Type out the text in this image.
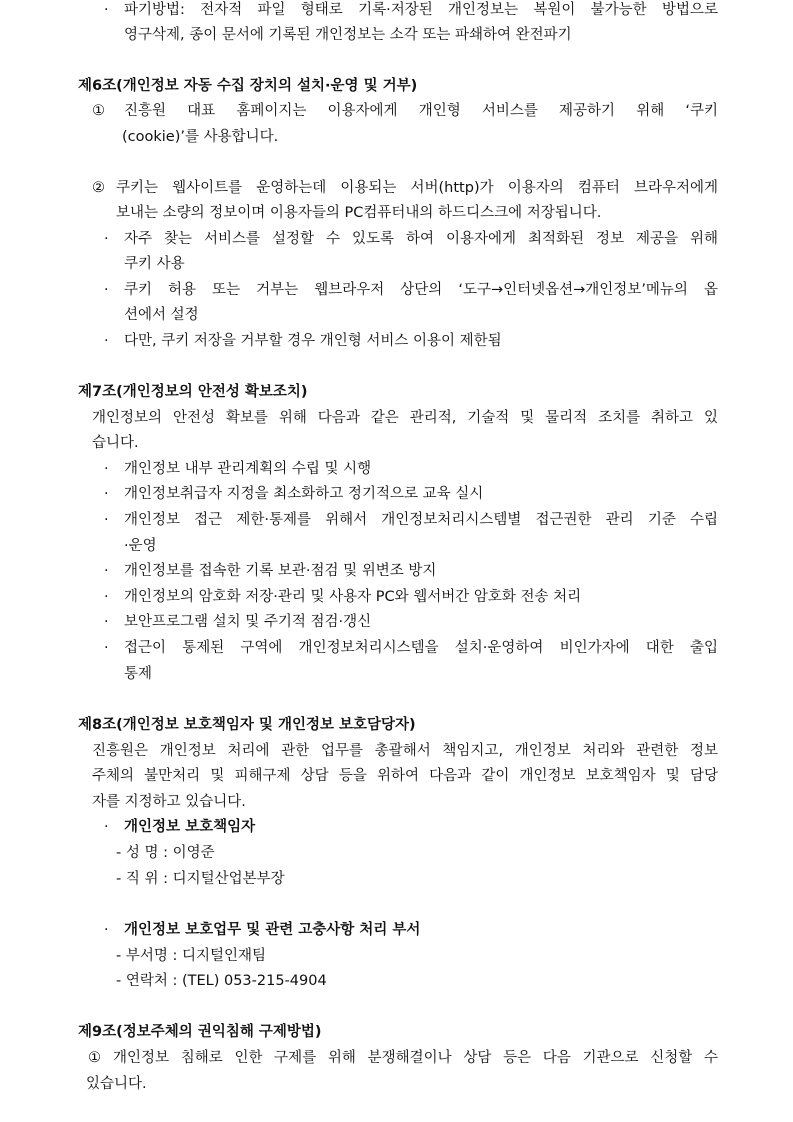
· 파기방법: 전자적 파일 형태로 기록·저장된 개인정보는 복원이 불가능한 방법으로
영구삭제, 종이 문서에 기록된 개인정보는 소각 또는 파쇄하여 완전파기
제6조(개인정보 자동 수집 장치의 설치·운영 및 거부)
① 진흥원 대표 홈페이지는 이용자에게 개인형 서비스를 제공하기 위해 ‘쿠키
(cookie)’를 사용합니다.
② 쿠키는 웹사이트를 운영하는데 이용되는 서버(http)가 이용자의 컴퓨터 브라우저에게
보내는 소량의 정보이며 이용자들의 PC컴퓨터내의 하드디스크에 저장됩니다.
· 자주 찾는 서비스를 설정할 수 있도록 하여 이용자에게 최적화된 정보 제공을 위해
쿠키 사용
· 쿠키 허용 또는 거부는 웹브라우저 상단의 ‘도구→인터넷옵션→개인정보’메뉴의 옵
션에서 설정
· 다만, 쿠키 저장을 거부할 경우 개인형 서비스 이용이 제한됨
제7조(개인정보의 안전성 확보조치)
개인정보의 안전성 확보를 위해 다음과 같은 관리적, 기술적 및 물리적 조치를 취하고 있
습니다.
· 개인정보 내부 관리계획의 수립 및 시행
· 개인정보취급자 지정을 최소화하고 정기적으로 교육 실시
· 개인정보 접근 제한·통제를 위해서 개인정보처리시스템별 접근권한 관리 기준 수립
·운영
· 개인정보를 접속한 기록 보관·점검 및 위변조 방지
· 개인정보의 암호화 저장·관리 및 사용자 PC와 웹서버간 암호화 전송 처리
· 보안프로그램 설치 및 주기적 점검·갱신
· 접근이 통제된 구역에 개인정보처리시스템을 설치·운영하여 비인가자에 대한 출입
통제
제8조(개인정보 보호책임자 및 개인정보 보호담당자)
진흥원은 개인정보 처리에 관한 업무를 총괄해서 책임지고, 개인정보 처리와 관련한 정보
주체의 불만처리 및 피해구제 상담 등을 위하여 다음과 같이 개인정보 보호책임자 및 담당
자를 지정하고 있습니다.
· 개인정보 보호책임자
- 성 명 : 이영준
- 직 위 : 디지털산업본부장
· 개인정보 보호업무 및 관련 고충사항 처리 부서
- 부서명 : 디지털인재팀
- 연락처 : (TEL) 053-215-4904
제9조(정보주체의 권익침해 구제방법)
① 개인정보 침해로 인한 구제를 위해 분쟁해결이나 상담 등은 다음 기관으로 신청할 수
있습니다.
